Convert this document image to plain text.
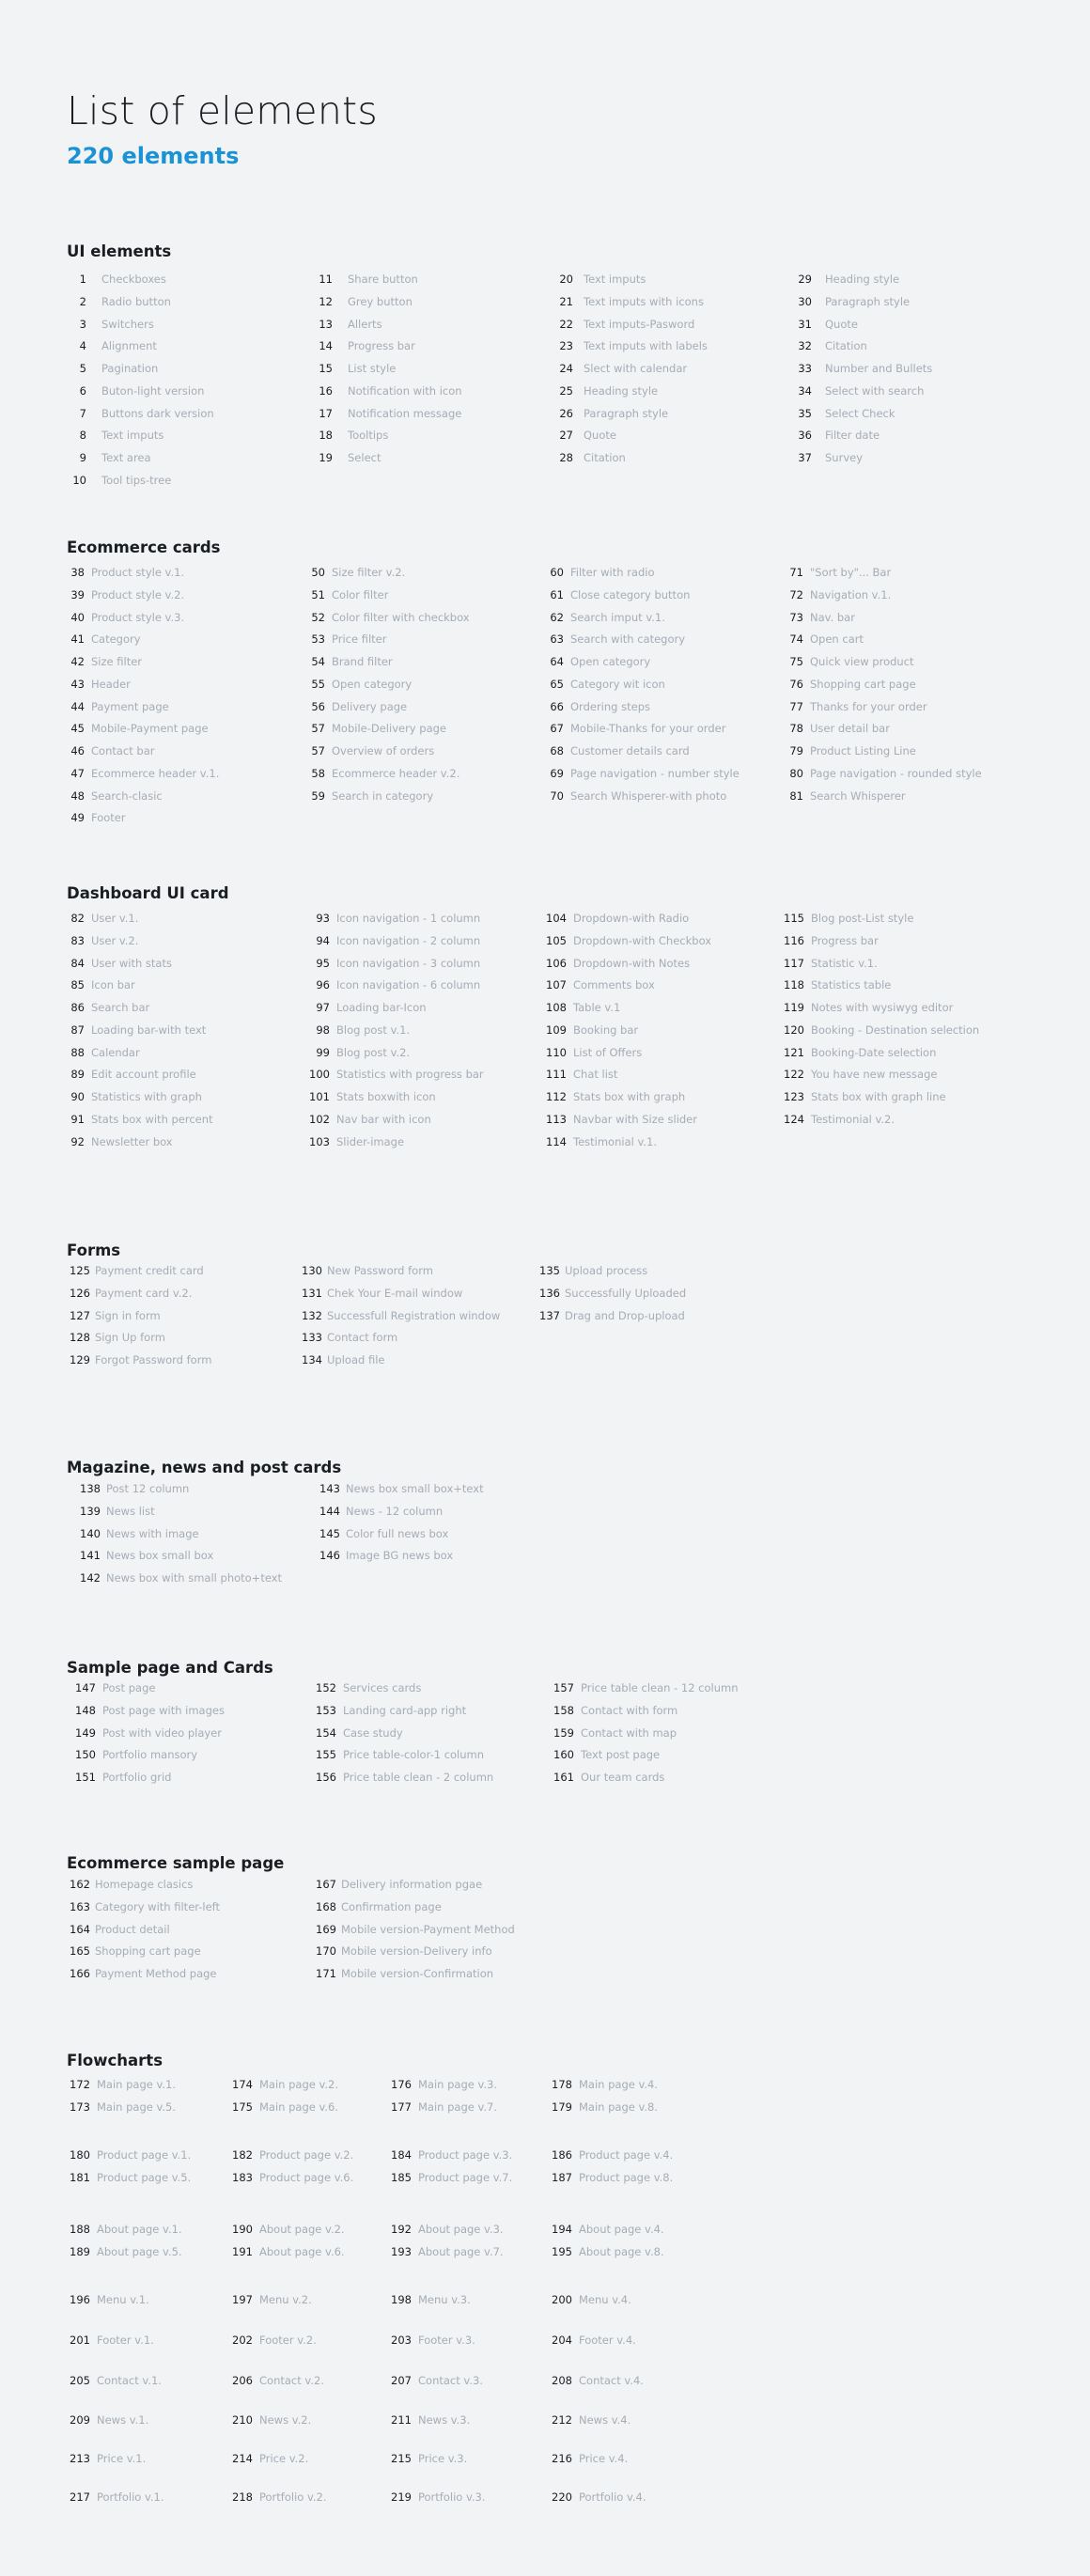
List of elements
220 elements
UI elements
1 Checkboxes
2 Radio button
3 Switchers
4 Alignment
5 Pagination
6 Buton-light version
7 Buttons dark version
8 Text imputs
9 Text area
10 Tool tips-tree
11 Share button
12 Grey button
13 Allerts
14 Progress bar
15 List style
16 Notification with icon
17 Notification message
18 Tooltips
19 Select
20 Text imputs
21 Text imputs with icons
22 Text imputs-Pasword
23 Text imputs with labels
24 Slect with calendar
25 Heading style
26 Paragraph style
27 Quote
28 Citation
29 Heading style
30 Paragraph style
31 Quote
32 Citation
33 Number and Bullets
34 Select with search
35 Select Check
36 Filter date
37 Survey
Ecommerce cards
38 Product style v.1.
39 Product style v.2.
40 Product style v.3.
41 Category
42 Size filter
43 Header
44 Payment page
45 Mobile-Payment page
46 Contact bar
47 Ecommerce header v.1.
48 Search-clasic
49 Footer
50 Size filter v.2.
51 Color filter
52 Color filter with checkbox
53 Price filter
54 Brand filter
55 Open category
56 Delivery page
57 Mobile-Delivery page
57 Overview of orders
58 Ecommerce header v.2.
59 Search in category
60 Filter with radio
61 Close category button
62 Search imput v.1.
63 Search with category
64 Open category
65 Category wit icon
66 Ordering steps
67 Mobile-Thanks for your order
68 Customer details card
69 Page navigation - number style
70 Search Whisperer-with photo
71 "Sort by"... Bar
72 Navigation v.1.
73 Nav. bar
74 Open cart
75 Quick view product
76 Shopping cart page
77 Thanks for your order
78 User detail bar
79 Product Listing Line
80 Page navigation - rounded style
81 Search Whisperer
Dashboard UI card
82 User v.1.
83 User v.2.
84 User with stats
85 Icon bar
86 Search bar
87 Loading bar-with text
88 Calendar
89 Edit account profile
90 Statistics with graph
91 Stats box with percent
92 Newsletter box
93 Icon navigation - 1 column
94 Icon navigation - 2 column
95 Icon navigation - 3 column
96 Icon navigation - 6 column
97 Loading bar-Icon
98 Blog post v.1.
99 Blog post v.2.
100 Statistics with progress bar
101 Stats boxwith icon
102 Nav bar with icon
103 Slider-image
104 Dropdown-with Radio
105 Dropdown-with Checkbox
106 Dropdown-with Notes
107 Comments box
108 Table v.1
109 Booking bar
110 List of Offers
111 Chat list
112 Stats box with graph
113 Navbar with Size slider
114 Testimonial v.1.
115 Blog post-List style
116 Progress bar
117 Statistic v.1.
118 Statistics table
119 Notes with wysiwyg editor
120 Booking - Destination selection
121 Booking-Date selection
122 You have new message
123 Stats box with graph line
124 Testimonial v.2.
Forms
125 Payment credit card
126 Payment card v.2.
127 Sign in form
128 Sign Up form
129 Forgot Password form
130 New Password form
131 Chek Your E-mail window
132 Successfull Registration window
133 Contact form
134 Upload file
135 Upload process
136 Successfully Uploaded
137 Drag and Drop-upload
Magazine, news and post cards
138 Post 12 column
139 News list
140 News with image
141 News box small box
142 News box with small photo+text
143 News box small box+text
144 News - 12 column
145 Color full news box
146 Image BG news box
Sample page and Cards
147 Post page
148 Post page with images
149 Post with video player
150 Portfolio mansory
151 Portfolio grid
152 Services cards
153 Landing card-app right
154 Case study
155 Price table-color-1 column
156 Price table clean - 2 column
157 Price table clean - 12 column
158 Contact with form
159 Contact with map
160 Text post page
161 Our team cards
Ecommerce sample page
162 Homepage clasics
163 Category with filter-left
164 Product detail
165 Shopping cart page
166 Payment Method page
167 Delivery information pgae
168 Confirmation page
169 Mobile version-Payment Method
170 Mobile version-Delivery info
171 Mobile version-Confirmation
Flowcharts
172 Main page v.1.
173 Main page v.5.
174 Main page v.2.
175 Main page v.6.
176 Main page v.3.
177 Main page v.7.
178 Main page v.4.
179 Main page v.8.
180 Product page v.1.
181 Product page v.5.
182 Product page v.2.
183 Product page v.6.
184 Product page v.3.
185 Product page v.7.
186 Product page v.4.
187 Product page v.8.
188 About page v.1.
189 About page v.5.
190 About page v.2.
191 About page v.6.
192 About page v.3.
193 About page v.7.
194 About page v.4.
195 About page v.8.
196 Menu v.1.	197 Menu v.2.	198 Menu v.3.	200 Menu v.4.
201 Footer v.1.	202 Footer v.2.	203 Footer v.3.	204 Footer v.4.
205 Contact v.1.	206 Contact v.2.	207 Contact v.3.	208 Contact v.4.
209 News v.1.	210 News v.2.	211 News v.3.	212 News v.4.
213 Price v.1.	214 Price v.2.	215 Price v.3.	216 Price v.4.
217 Portfolio v.1.	218 Portfolio v.2.	219 Portfolio v.3.	220 Portfolio v.4.
